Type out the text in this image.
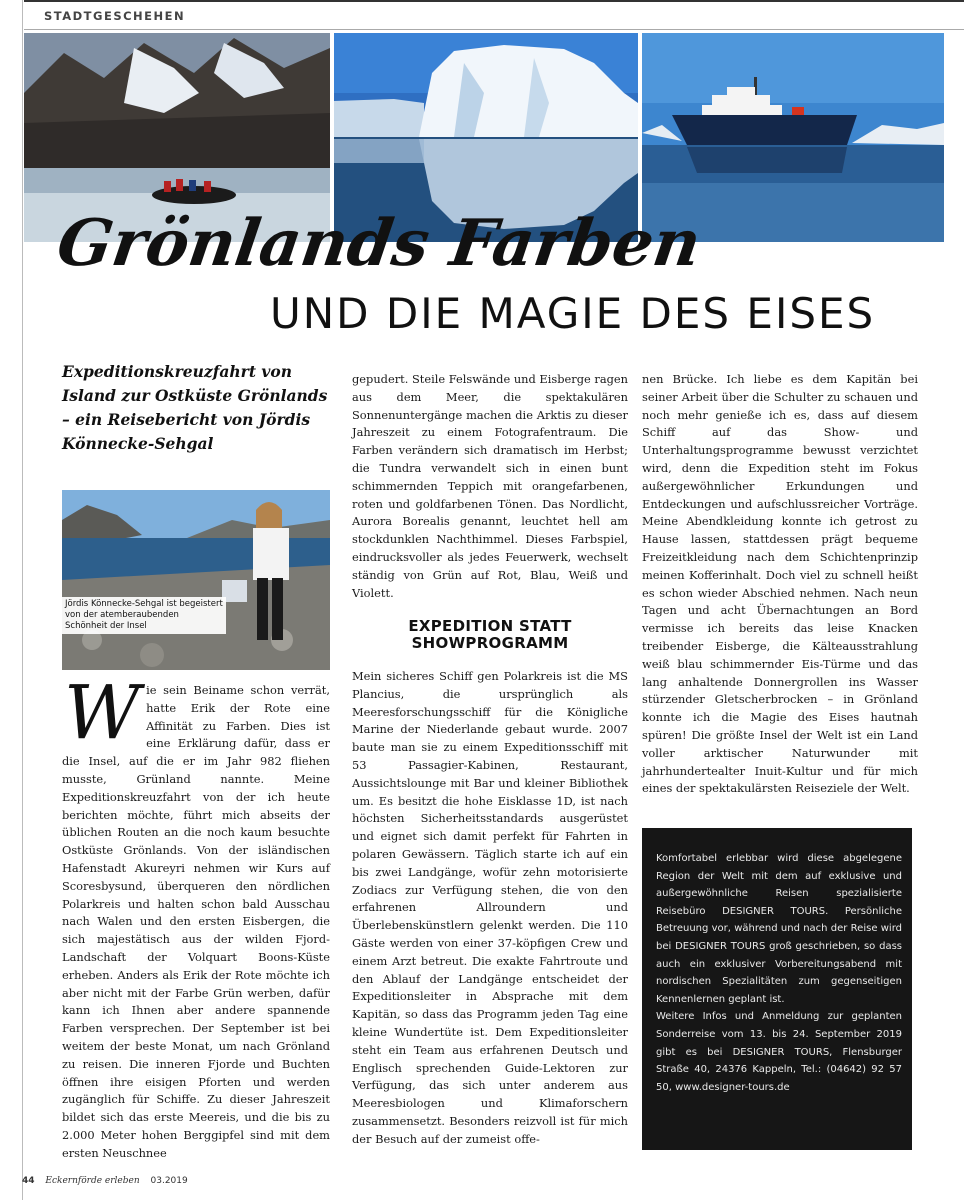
STADTGESCHEHEN
Grönlands Farben
UND DIE MAGIE DES EISES
Expeditionskreuzfahrt von Island zur Ostküste Grönlands – ein Reisebericht von Jördis Könnecke-Sehgal
Jördis Könnecke-Sehgal ist begeistert von der atemberaubenden Schönheit der Insel
Wie sein Beiname schon verrät, hatte Erik der Rote eine Affinität zu Farben. Dies ist eine Erklärung dafür, dass er die Insel, auf die er im Jahr 982 fliehen musste, Grünland nannte. Meine Expeditionskreuzfahrt von der ich heute berichten möchte, führt mich abseits der üblichen Routen an die noch kaum besuchte Ostküste Grönlands. Von der isländischen Hafenstadt Akureyri nehmen wir Kurs auf Scoresbysund, überqueren den nördlichen Polarkreis und halten schon bald Ausschau nach Walen und den ersten Eisbergen, die sich majestätisch aus der wilden Fjord-Landschaft der Volquart Boons-Küste erheben. Anders als Erik der Rote möchte ich aber nicht mit der Farbe Grün werben, dafür kann ich Ihnen aber andere spannende Farben versprechen. Der September ist bei weitem der beste Monat, um nach Grönland zu reisen. Die inneren Fjorde und Buchten öffnen ihre eisigen Pforten und werden zugänglich für Schiffe. Zu dieser Jahreszeit bildet sich das erste Meereis, und die bis zu 2.000 Meter hohen Berggipfel sind mit dem ersten Neuschnee
gepudert. Steile Felswände und Eisberge ragen aus dem Meer, die spektakulären Sonnenuntergänge machen die Arktis zu dieser Jahreszeit zu einem Fotografentraum. Die Farben verändern sich dramatisch im Herbst; die Tundra verwandelt sich in einen bunt schimmernden Teppich mit orangefarbenen, roten und goldfarbenen Tönen. Das Nordlicht, Aurora Borealis genannt, leuchtet hell am stockdunklen Nachthimmel. Dieses Farbspiel, eindrucksvoller als jedes Feuerwerk, wechselt ständig von Grün auf Rot, Blau, Weiß und Violett.
EXPEDITION STATT
SHOWPROGRAMM
Mein sicheres Schiff gen Polarkreis ist die MS Plancius, die ursprünglich als Meeresforschungsschiff für die Königliche Marine der Niederlande gebaut wurde. 2007 baute man sie zu einem Expeditionsschiff mit 53 Passagier-Kabinen, Restaurant, Aussichtslounge mit Bar und kleiner Bibliothek um. Es besitzt die hohe Eisklasse 1D, ist nach höchsten Sicherheitsstandards ausgerüstet und eignet sich damit perfekt für Fahrten in polaren Gewässern. Täglich starte ich auf ein bis zwei Landgänge, wofür zehn motorisierte Zodiacs zur Verfügung stehen, die von den erfahrenen Allroundern und Überlebenskünstlern gelenkt werden. Die 110 Gäste werden von einer 37-köpfigen Crew und einem Arzt betreut. Die exakte Fahrtroute und den Ablauf der Landgänge entscheidet der Expeditionsleiter in Absprache mit dem Kapitän, so dass das Programm jeden Tag eine kleine Wundertüte ist. Dem Expeditionsleiter steht ein Team aus erfahrenen Deutsch und Englisch sprechenden Guide-Lektoren zur Verfügung, das sich unter anderem aus Meeresbiologen und Klimaforschern zusammensetzt. Besonders reizvoll ist für mich der Besuch auf der zumeist offe-
nen Brücke. Ich liebe es dem Kapitän bei seiner Arbeit über die Schulter zu schauen und noch mehr genieße ich es, dass auf diesem Schiff auf das Show- und Unterhaltungsprogramme bewusst verzichtet wird, denn die Expedition steht im Fokus außergewöhnlicher Erkundungen und Entdeckungen und aufschlussreicher Vorträge. Meine Abendkleidung konnte ich getrost zu Hause lassen, stattdessen prägt bequeme Freizeitkleidung nach dem Schichtenprinzip meinen Kofferinhalt. Doch viel zu schnell heißt es schon wieder Abschied nehmen. Nach neun Tagen und acht Übernachtungen an Bord vermisse ich bereits das leise Knacken treibender Eisberge, die Kälteausstrahlung weiß blau schimmernder Eis-Türme und das lang anhaltende Donnergrollen ins Wasser stürzender Gletscherbrocken – in Grönland konnte ich die Magie des Eises hautnah spüren! Die größte Insel der Welt ist ein Land voller arktischer Naturwunder mit jahrhundertealter Inuit-Kultur und für mich eines der spektakulärsten Reiseziele der Welt.

Komfortabel erlebbar wird diese abgelegene Region der Welt mit dem auf exklusive und außergewöhnliche Reisen spezialisierte Reisebüro DESIGNER TOURS. Persönliche Betreuung vor, während und nach der Reise wird bei DESIGNER TOURS groß geschrieben, so dass auch ein exklusiver Vorbereitungsabend mit nordischen Spezialitäten zum gegenseitigen Kennenlernen geplant ist.

Weitere Infos und Anmeldung zur geplanten Sonderreise vom 13. bis 24. September 2019 gibt es bei DESIGNER TOURS, Flensburger Straße 40, 24376 Kappeln, Tel.: (04642) 92 57 50, www.designer-tours.de

44 Eckernförde erleben 03.2019
